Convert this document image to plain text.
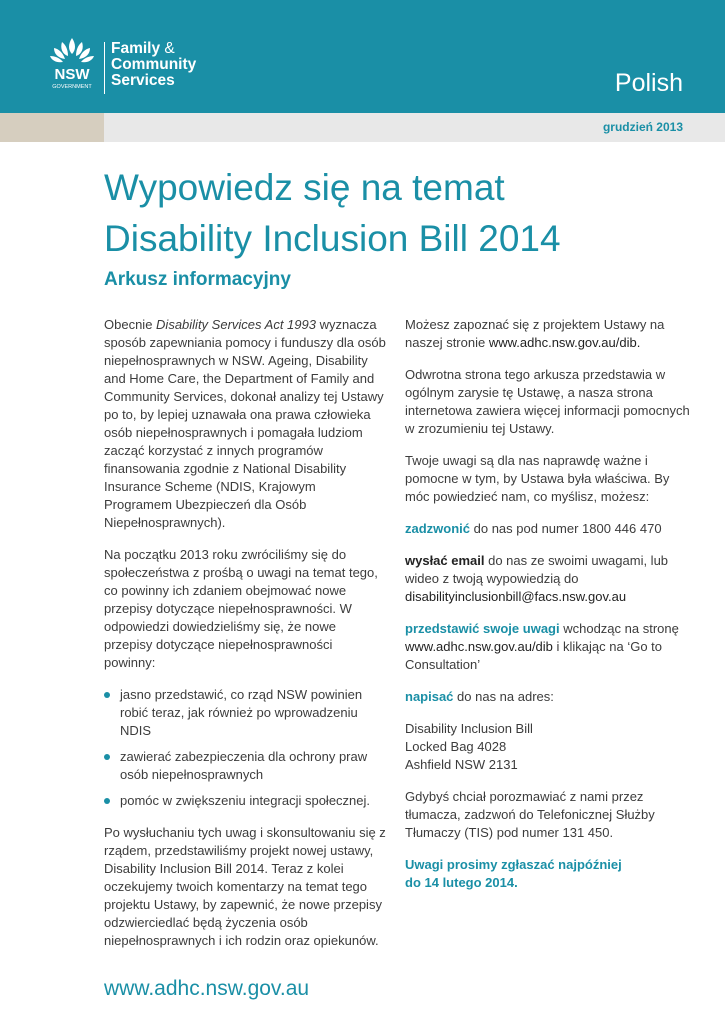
NSW
GOVERNMENT
Family &
Community
Services	Polish
grudzień 2013
Wypowiedz się na temat
Disability Inclusion Bill 2014
Arkusz informacyjny

Obecnie Disability Services Act 1993 wyznacza sposób zapewniania pomocy i funduszy dla osób niepełnosprawnych w NSW. Ageing, Disability and Home Care, the Department of Family and Community Services, dokonał analizy tej Ustawy po to, by lepiej uznawała ona prawa człowieka osób niepełnosprawnych i pomagała ludziom zacząć korzystać z innych programów finansowania zgodnie z National Disability Insurance Scheme (NDIS, Krajowym Programem Ubezpieczeń dla Osób Niepełnosprawnych).

Na początku 2013 roku zwróciliśmy się do społeczeństwa z prośbą o uwagi na temat tego, co powinny ich zdaniem obejmować nowe przepisy dotyczące niepełnosprawności. W odpowiedzi dowiedzieliśmy się, że nowe przepisy dotyczące niepełnosprawności powinny:

jasno przedstawić, co rząd NSW powinien robić teraz, jak również po wprowadzeniu NDIS
zawierać zabezpieczenia dla ochrony praw osób niepełnosprawnych
pomóc w zwiększeniu integracji społecznej.

Po wysłuchaniu tych uwag i skonsultowaniu się z rządem, przedstawiliśmy projekt nowej ustawy, Disability Inclusion Bill 2014. Teraz z kolei oczekujemy twoich komentarzy na temat tego projektu Ustawy, by zapewnić, że nowe przepisy odzwierciedlać będą życzenia osób niepełnosprawnych i ich rodzin oraz opiekunów.

Możesz zapoznać się z projektem Ustawy na naszej stronie www.adhc.nsw.gov.au/dib.

Odwrotna strona tego arkusza przedstawia w ogólnym zarysie tę Ustawę, a nasza strona internetowa zawiera więcej informacji pomocnych w zrozumieniu tej Ustawy.

Twoje uwagi są dla nas naprawdę ważne i pomocne w tym, by Ustawa była właściwa. By móc powiedzieć nam, co myślisz, możesz:

zadzwonić do nas pod numer 1800 446 470

wysłać email do nas ze swoimi uwagami, lub wideo z twoją wypowiedzią do disabilityinclusionbill@facs.nsw.gov.au

przedstawić swoje uwagi wchodząc na stronę www.adhc.nsw.gov.au/dib i klikając na ‘Go to Consultation’

napisać do nas na adres:

Disability Inclusion Bill
Locked Bag 4028
Ashfield NSW 2131

Gdybyś chciał porozmawiać z nami przez tłumacza, zadzwoń do Telefonicznej Służby Tłumaczy (TIS) pod numer 131 450.

Uwagi prosimy zgłaszać najpóźniej
do 14 lutego 2014.

www.adhc.nsw.gov.au
